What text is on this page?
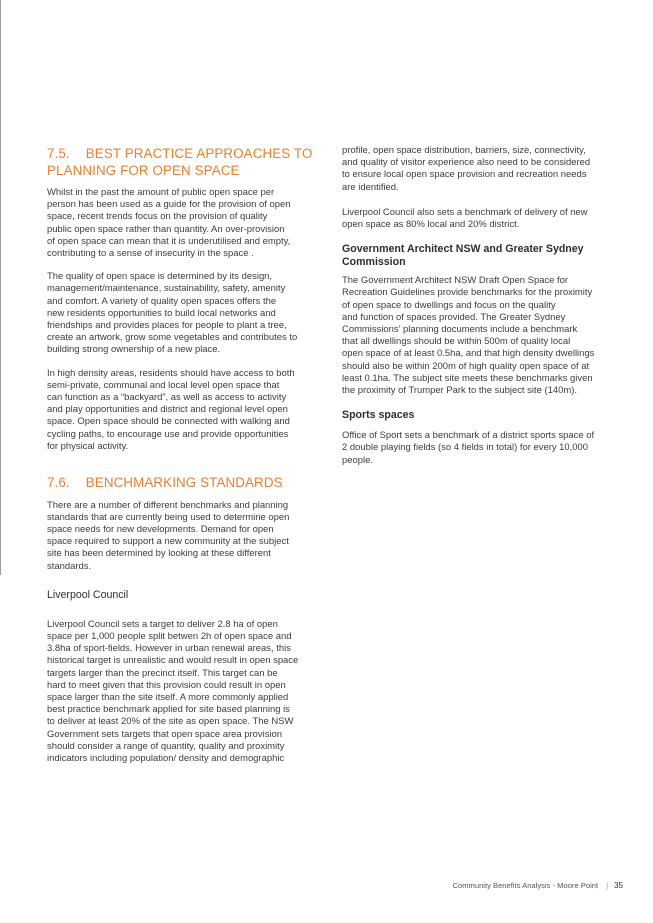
7.5. BEST PRACTICE APPROACHES TO PLANNING FOR OPEN SPACE

Whilst in the past the amount of public open space per
person has been used as a guide for the provision of open
space, recent trends focus on the provision of quality
public open space rather than quantity. An over-provision
of open space can mean that it is underutilised and empty,
contributing to a sense of insecurity in the space .

The quality of open space is determined by its design,
management/maintenance, sustainability, safety, amenity
and comfort. A variety of quality open spaces offers the
new residents opportunities to build local networks and
friendships and provides places for people to plant a tree,
create an artwork, grow some vegetables and contributes to
building strong ownership of a new place.

In high density areas, residents should have access to both
semi-private, communal and local level open space that
can function as a “backyard”, as well as access to activity
and play opportunities and district and regional level open
space. Open space should be connected with walking and
cycling paths, to encourage use and provide opportunities
for physical activity.

7.6. BENCHMARKING STANDARDS

There are a number of different benchmarks and planning
standards that are currently being used to determine open
space needs for new developments. Demand for open
space required to support a new community at the subject
site has been determined by looking at these different
standards.

Liverpool Council

Liverpool Council sets a target to deliver 2.8 ha of open
space per 1,000 people split betwen 2h of open space and
3.8ha of sport-fields. However in urban renewal areas, this
historical target is unrealistic and would result in open space
targets larger than the precinct itself. This target can be
hard to meet given that this provision could result in open
space larger than the site itself. A more commonly applied
best practice benchmark applied for site based planning is
to deliver at least 20% of the site as open space. The NSW
Government sets targets that open space area provision
should consider a range of quantity, quality and proximity
indicators including population/ density and demographic

profile, open space distribution, barriers, size, connectivity,
and quality of visitor experience also need to be considered
to ensure local open space provision and recreation needs
are identified.

Liverpool Council also sets a benchmark of delivery of new
open space as 80% local and 20% district.

Government Architect NSW and Greater Sydney
Commission

The Government Architect NSW Draft Open Space for
Recreation Guidelines provide benchmarks for the proximity
of open space to dwellings and focus on the quality
and function of spaces provided. The Greater Sydney
Commissions’ planning documents include a benchmark
that all dwellings should be within 500m of quality local
open space of at least 0.5ha, and that high density dwellings
should also be within 200m of high quality open space of at
least 0.1ha. The subject site meets these benchmarks given
the proximity of Trumper Park to the subject site (140m).

Sports spaces

Office of Sport sets a benchmark of a district sports space of
2 double playing fields (so 4 fields in total) for every 10,000
people.

Community Benefits Analysis - Moore Point | 35
